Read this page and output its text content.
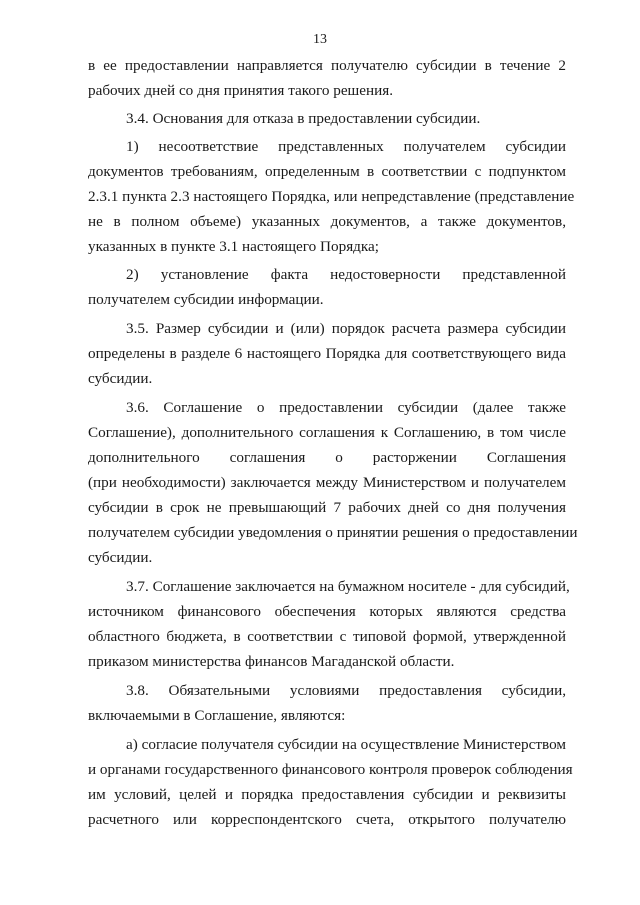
13
в ее предоставлении направляется получателю субсидии в течение 2
рабочих дней со дня принятия такого решения.
3.4. Основания для отказа в предоставлении субсидии.
1) несоответствие представленных получателем субсидии
документов требованиям, определенным в соответствии с подпунктом
2.3.1 пункта 2.3 настоящего Порядка, или непредставление (представление
не в полном объеме) указанных документов, а также документов,
указанных в пункте 3.1 настоящего Порядка;
2) установление факта недостоверности представленной
получателем субсидии информации.
3.5. Размер субсидии и (или) порядок расчета размера субсидии
определены в разделе 6 настоящего Порядка для соответствующего вида
субсидии.
3.6. Соглашение о предоставлении субсидии (далее также
Соглашение), дополнительного соглашения к Соглашению, в том числе
дополнительного соглашения о расторжении Соглашения
(при необходимости) заключается между Министерством и получателем
субсидии в срок не превышающий 7 рабочих дней со дня получения
получателем субсидии уведомления о принятии решения о предоставлении
субсидии.
3.7. Соглашение заключается на бумажном носителе - для субсидий,
источником финансового обеспечения которых являются средства
областного бюджета, в соответствии с типовой формой, утвержденной
приказом министерства финансов Магаданской области.
3.8. Обязательными условиями предоставления субсидии,
включаемыми в Соглашение, являются:
а) согласие получателя субсидии на осуществление Министерством
и органами государственного финансового контроля проверок соблюдения
им условий, целей и порядка предоставления субсидии и реквизиты
расчетного или корреспондентского счета, открытого получателю
